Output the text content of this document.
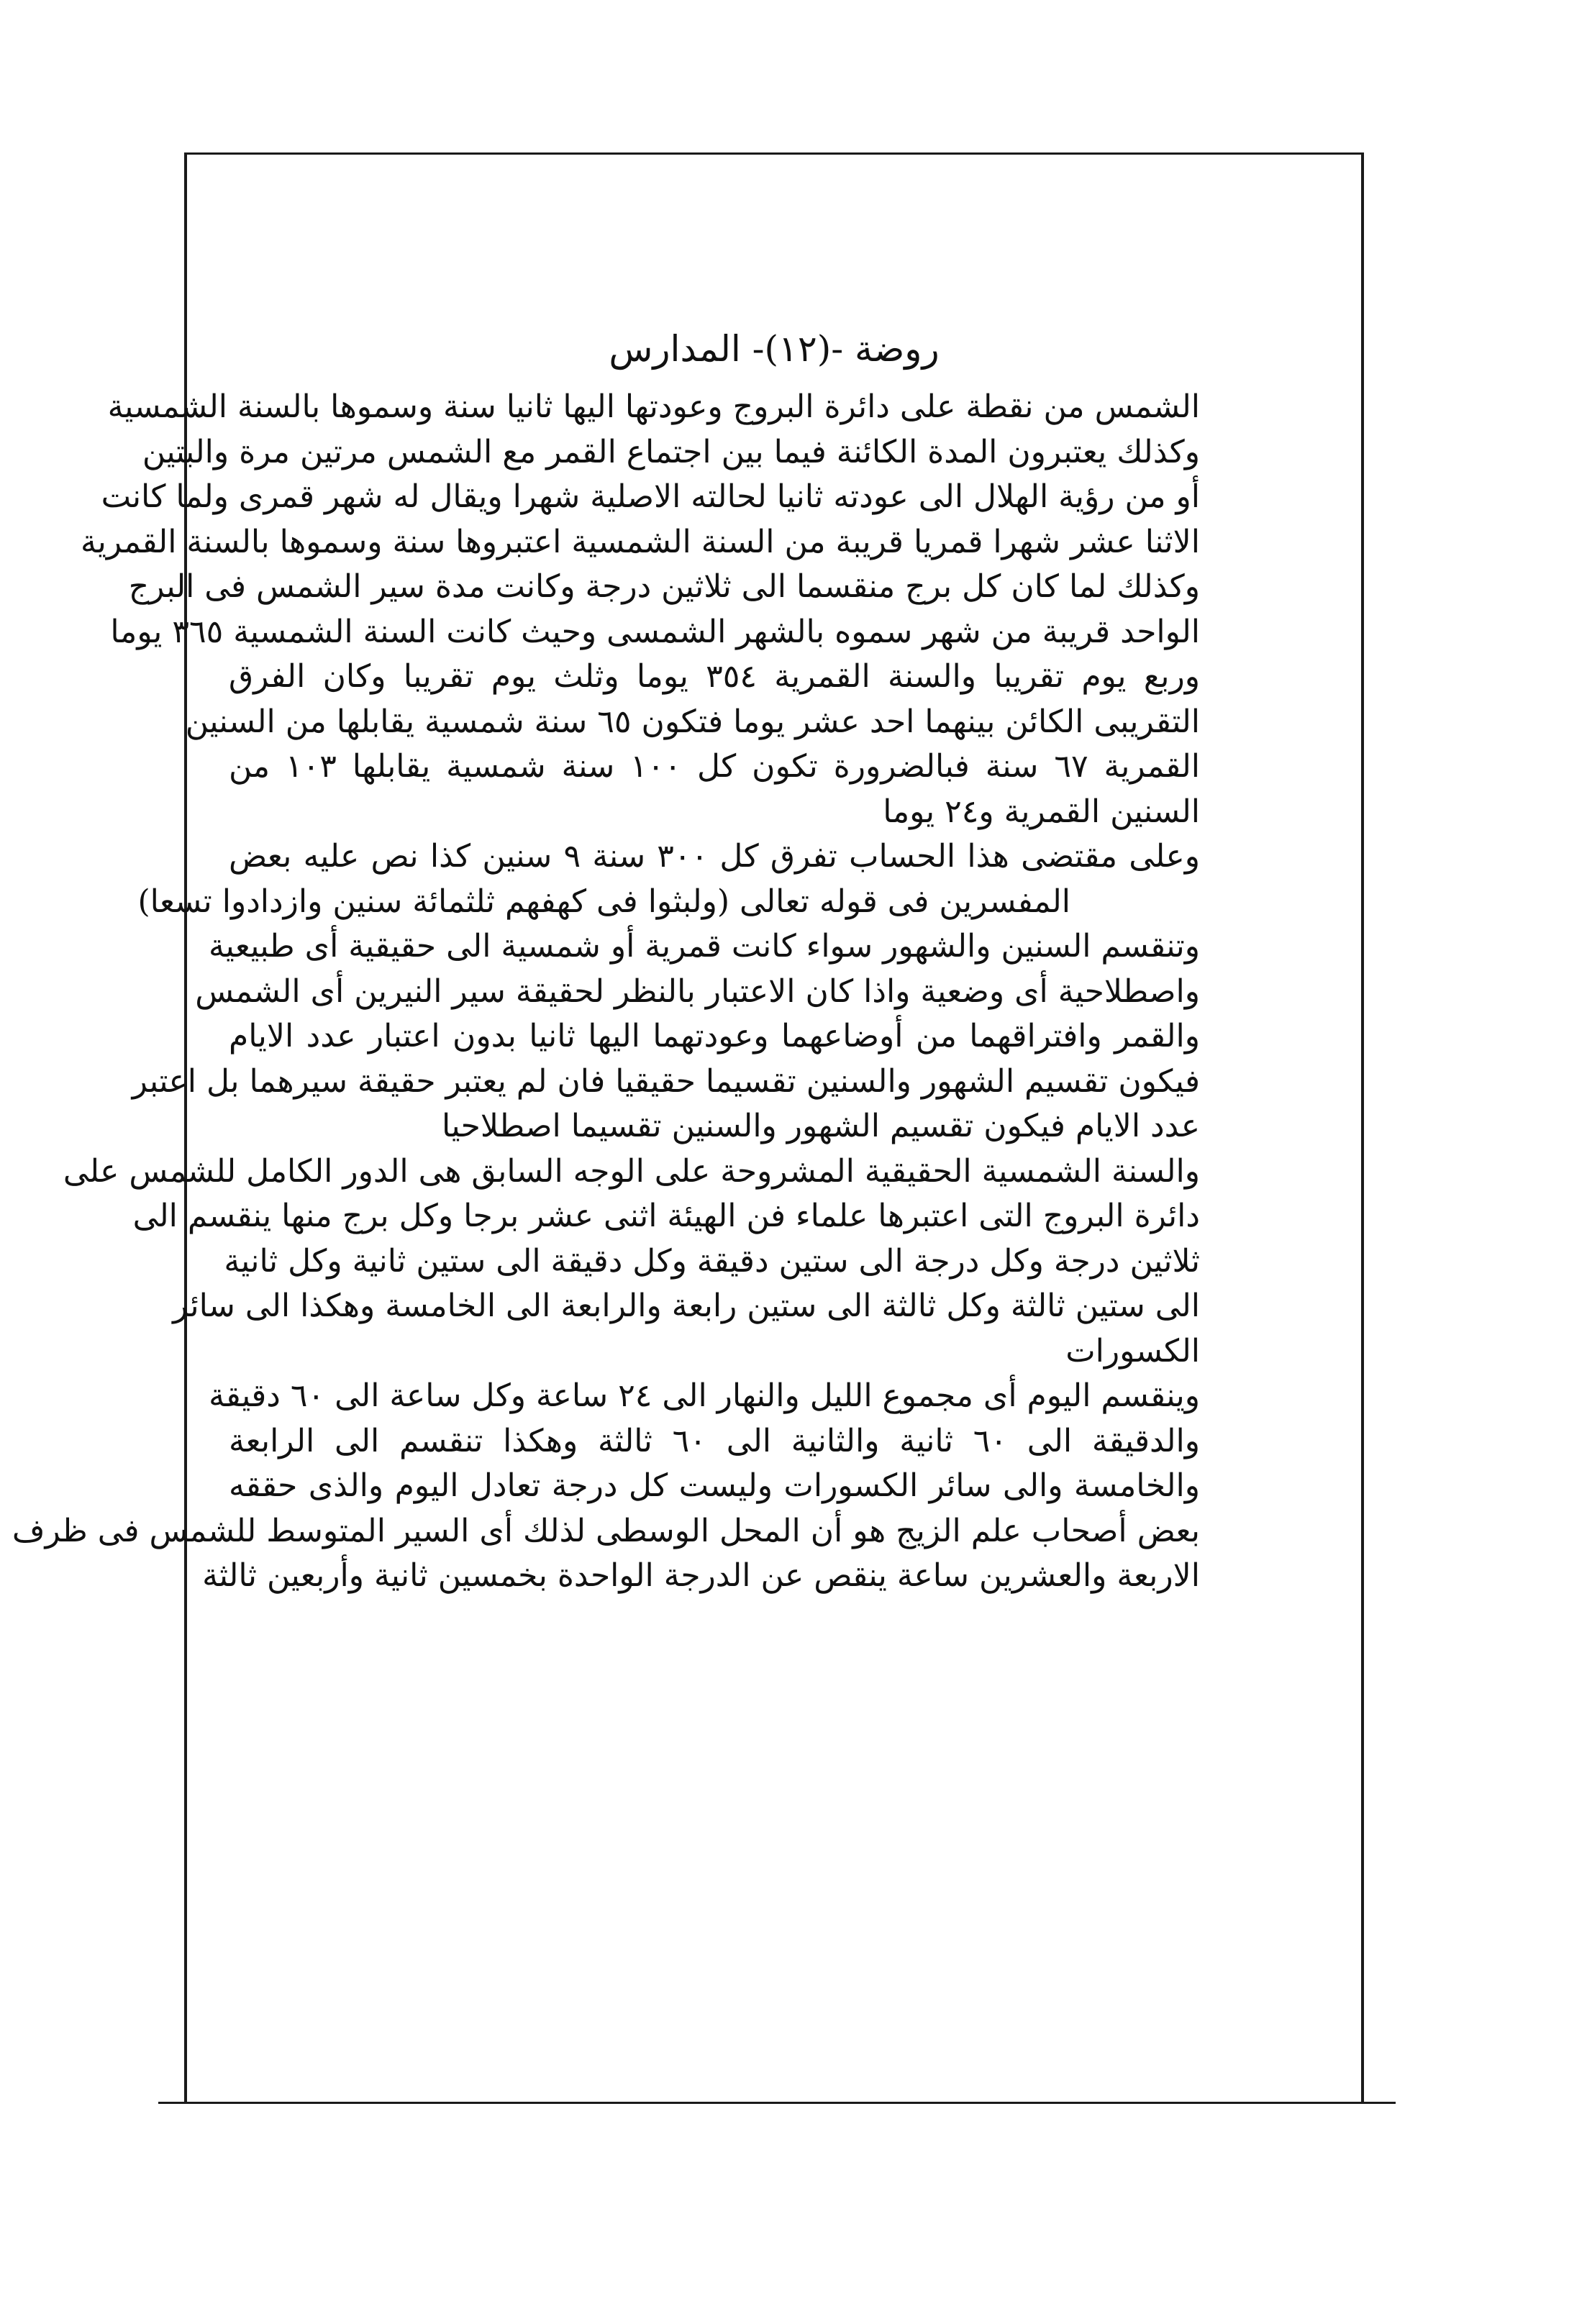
روضة -(١٢)- المدارس
الشمس من نقطة على دائرة البروج وعودتها اليها ثانيا سنة وسموها بالسنة الشمسية
وكذلك يعتبرون المدة الكائنة فيما بين اجتماع القمر مع الشمس مرتين مرة والبتين
أو من رؤية الهلال الى عودته ثانيا لحالته الاصلية شهرا ويقال له شهر قمرى ولما كانت
الاثنا عشر شهرا قمريا قريبة من السنة الشمسية اعتبروها سنة وسموها بالسنة القمرية
وكذلك لما كان كل برج منقسما الى ثلاثين درجة وكانت مدة سير الشمس فى البرج
الواحد قريبة من شهر سموه بالشهر الشمسى وحيث كانت السنة الشمسية ٣٦٥ يوما
وربع يوم تقريبا والسنة القمرية ٣٥٤ يوما وثلث يوم تقريبا وكان الفرق
التقريبى الكائن بينهما احد عشر يوما فتكون ٦٥ سنة شمسية يقابلها من السنين
القمرية ٦٧ سنة فبالضرورة تكون كل ١٠٠ سنة شمسية يقابلها ١٠٣ من
السنين القمرية و٢٤ يوما
وعلى مقتضى هذا الحساب تفرق كل ٣٠٠ سنة ٩ سنين كذا نص عليه بعض
المفسرين فى قوله تعالى (ولبثوا فى كهفهم ثلثمائة سنين وازدادوا تسعا)
وتنقسم السنين والشهور سواء كانت قمرية أو شمسية الى حقيقية أى طبيعية
واصطلاحية أى وضعية واذا كان الاعتبار بالنظر لحقيقة سير النيرين أى الشمس
والقمر وافتراقهما من أوضاعهما وعودتهما اليها ثانيا بدون اعتبار عدد الايام
فيكون تقسيم الشهور والسنين تقسيما حقيقيا فان لم يعتبر حقيقة سيرهما بل اعتبر
عدد الايام فيكون تقسيم الشهور والسنين تقسيما اصطلاحيا
والسنة الشمسية الحقيقية المشروحة على الوجه السابق هى الدور الكامل للشمس على
دائرة البروج التى اعتبرها علماء فن الهيئة اثنى عشر برجا وكل برج منها ينقسم الى
ثلاثين درجة وكل درجة الى ستين دقيقة وكل دقيقة الى ستين ثانية وكل ثانية
الى ستين ثالثة وكل ثالثة الى ستين رابعة والرابعة الى الخامسة وهكذا الى سائر
الكسورات
وينقسم اليوم أى مجموع الليل والنهار الى ٢٤ ساعة وكل ساعة الى ٦٠ دقيقة
والدقيقة الى ٦٠ ثانية والثانية الى ٦٠ ثالثة وهكذا تنقسم الى الرابعة
والخامسة والى سائر الكسورات وليست كل درجة تعادل اليوم والذى حققه
بعض أصحاب علم الزيج هو أن المحل الوسطى لذلك أى السير المتوسط للشمس فى ظرف
الاربعة والعشرين ساعة ينقص عن الدرجة الواحدة بخمسين ثانية وأربعين ثالثة
